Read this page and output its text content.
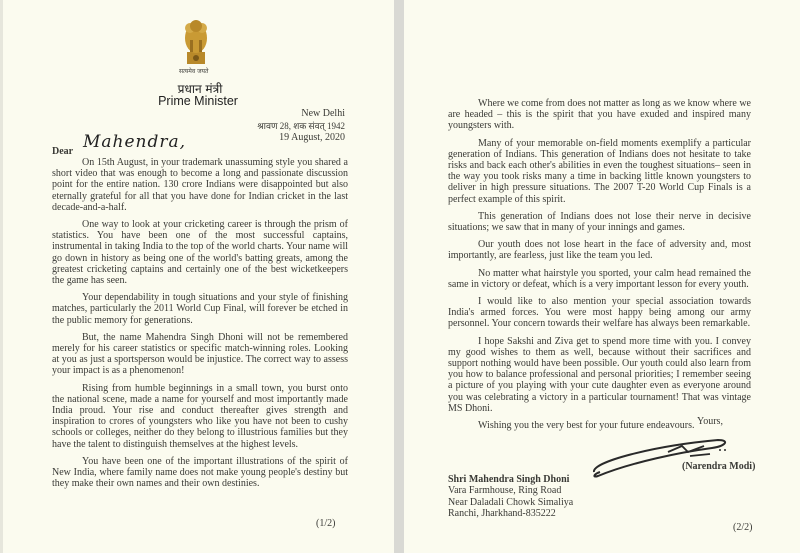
सत्यमेव जयते
प्रधान मंत्री
Prime Minister
New Delhi
श्रावण 28, शक संवत् 1942
19 August, 2020
Dear Mahendra,

On 15th August, in your trademark unassuming style you shared a short video that was enough to become a long and passionate discussion point for the entire nation. 130 crore Indians were disappointed but also eternally grateful for all that you have done for Indian cricket in the last decade-and-a-half.

One way to look at your cricketing career is through the prism of statistics. You have been one of the most successful captains, instrumental in taking India to the top of the world charts. Your name will go down in history as being one of the world's batting greats, among the greatest cricketing captains and certainly one of the best wicketkeepers the game has seen.

Your dependability in tough situations and your style of finishing matches, particularly the 2011 World Cup Final, will forever be etched in the public memory for generations.

But, the name Mahendra Singh Dhoni will not be remembered merely for his career statistics or specific match-winning roles. Looking at you as just a sportsperson would be injustice. The correct way to assess your impact is as a phenomenon!

Rising from humble beginnings in a small town, you burst onto the national scene, made a name for yourself and most importantly made India proud. Your rise and conduct thereafter gives strength and inspiration to crores of youngsters who like you have not been to cushy schools or colleges, neither do they belong to illustrious families but they have the talent to distinguish themselves at the highest levels.

You have been one of the important illustrations of the spirit of New India, where family name does not make young people's destiny but they make their own names and their own destinies.

(1/2)

Where we come from does not matter as long as we know where we are headed – this is the spirit that you have exuded and inspired many youngsters with.

Many of your memorable on-field moments exemplify a particular generation of Indians. This generation of Indians does not hesitate to take risks and back each other's abilities in even the toughest situations– seen in the way you took risks many a time in backing little known youngsters to deliver in high pressure situations. The 2007 T-20 World Cup Finals is a perfect example of this spirit.

This generation of Indians does not lose their nerve in decisive situations; we saw that in many of your innings and games.

Our youth does not lose heart in the face of adversity and, most importantly, are fearless, just like the team you led.

No matter what hairstyle you sported, your calm head remained the same in victory or defeat, which is a very important lesson for every youth.

I would like to also mention your special association towards India's armed forces. You were most happy being among our army personnel. Your concern towards their welfare has always been remarkable.

I hope Sakshi and Ziva get to spend more time with you. I convey my good wishes to them as well, because without their sacrifices and support nothing would have been possible. Our youth could also learn from you how to balance professional and personal priorities; I remember seeing a picture of you playing with your cute daughter even as everyone around you was celebrating a victory in a particular tournament! That was vintage MS Dhoni.

Wishing you the very best for your future endeavours. Yours,
(Narendra Modi)
Shri Mahendra Singh Dhoni
Vara Farmhouse, Ring Road
Near Daladali Chowk Simaliya
Ranchi, Jharkhand-835222
(2/2)
